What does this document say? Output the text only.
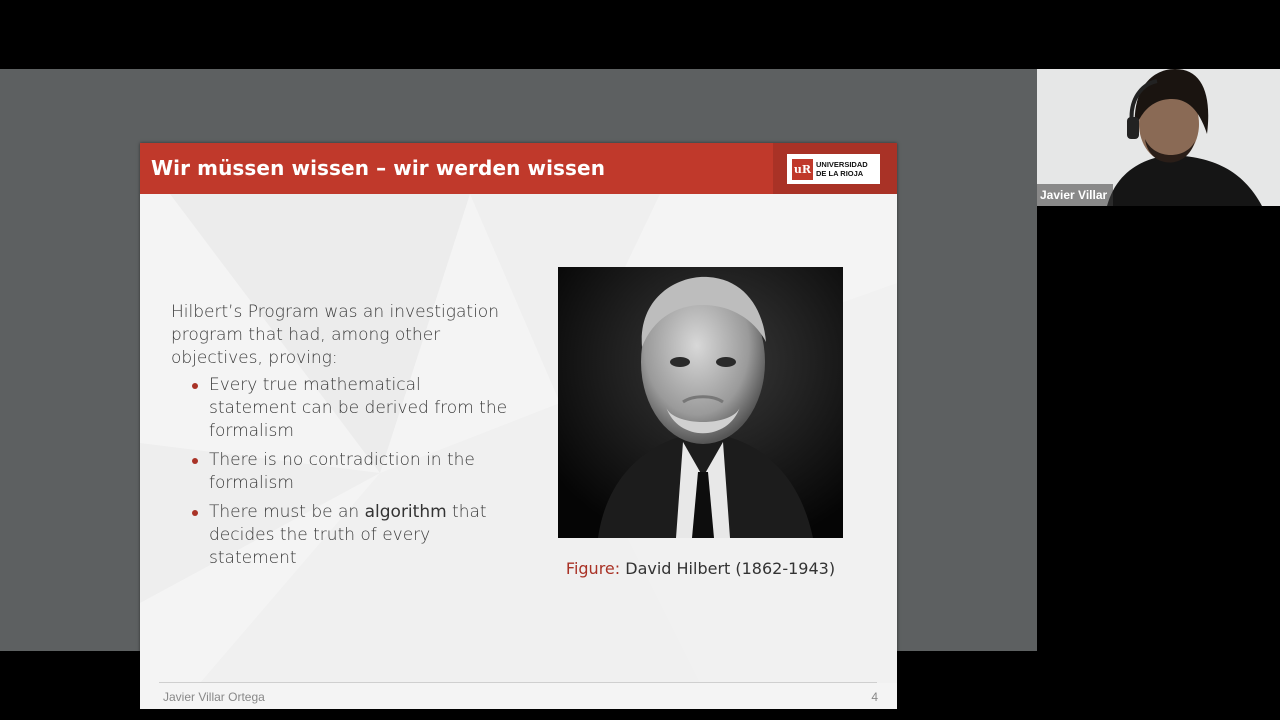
Wir müssen wissen – wir werden wissen	uR UNIVERSIDAD
DE LA RIOJA
Hilbert’s Program was an investigation program that had, among other objectives, proving:
Every true mathematical statement can be derived from the formalism
There is no contradiction in the formalism
There must be an algorithm that decides the truth of every statement
Figure: David Hilbert (1862-1943)
Javier Villar Ortega	4
Javier Villar
